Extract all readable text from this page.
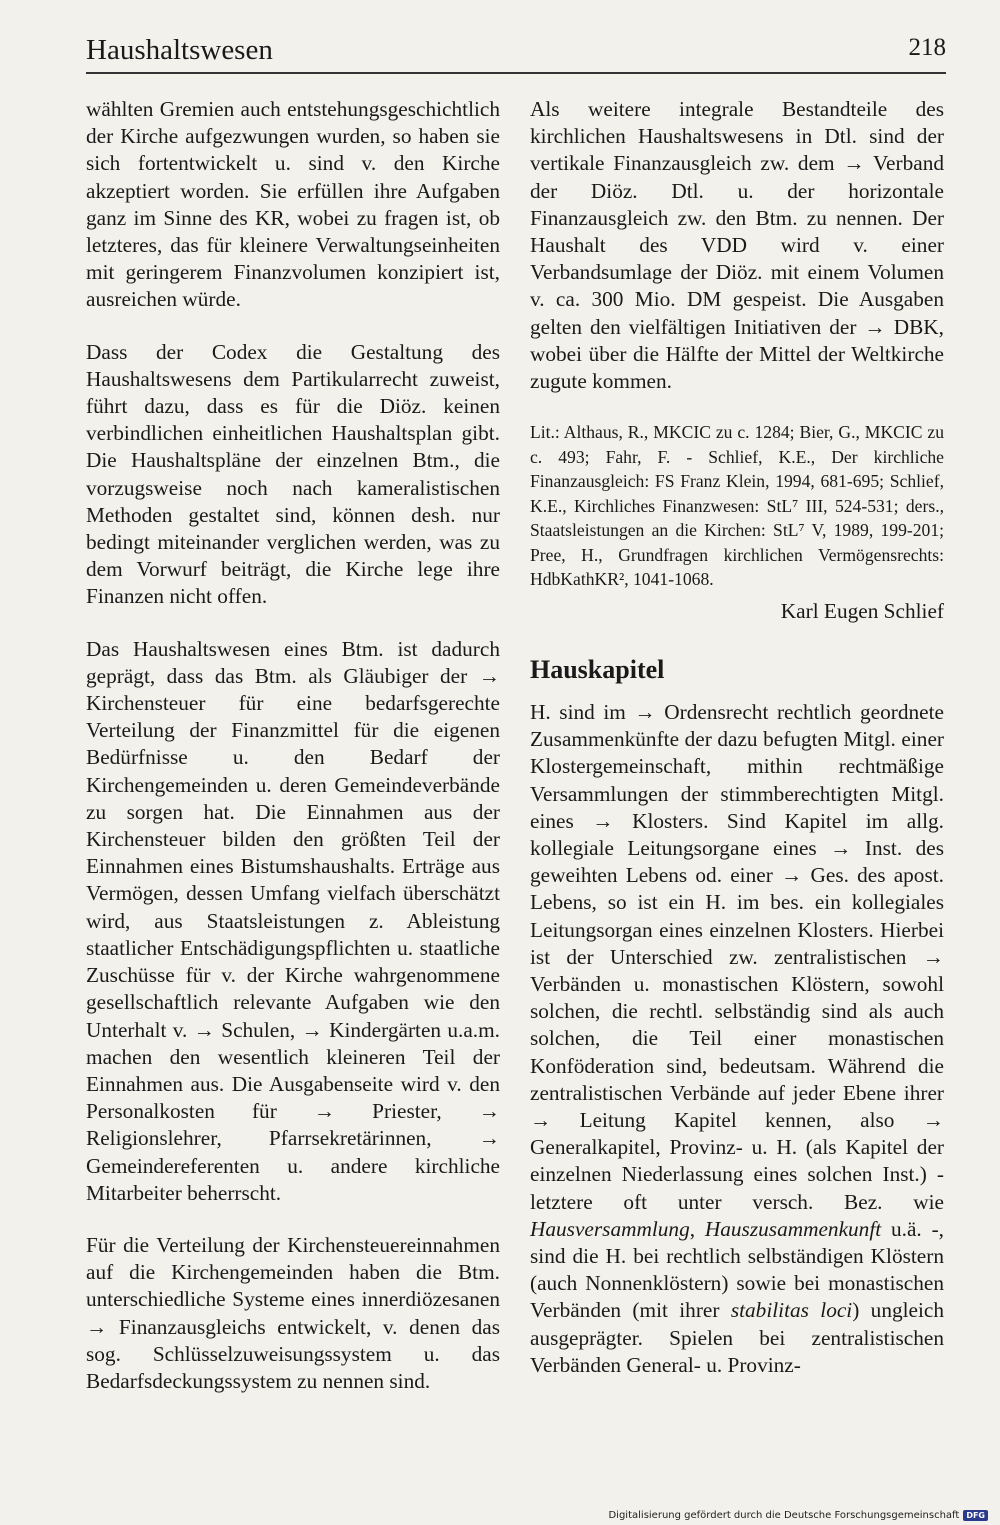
Haushaltswesen	218

wählten Gremien auch entstehungsgeschichtlich der Kirche aufgezwungen wurden, so haben sie sich fortentwickelt u. sind v. den Kirche akzeptiert worden. Sie erfüllen ihre Aufgaben ganz im Sinne des KR, wobei zu fragen ist, ob letzteres, das für kleinere Verwaltungseinheiten mit geringerem Finanzvolumen konzipiert ist, ausreichen würde.

Dass der Codex die Gestaltung des Haushaltswesens dem Partikularrecht zuweist, führt dazu, dass es für die Diöz. keinen verbindlichen einheitlichen Haushaltsplan gibt. Die Haushaltspläne der einzelnen Btm., die vorzugsweise noch nach kameralistischen Methoden gestaltet sind, können desh. nur bedingt miteinander verglichen werden, was zu dem Vorwurf beiträgt, die Kirche lege ihre Finanzen nicht offen.

Das Haushaltswesen eines Btm. ist dadurch geprägt, dass das Btm. als Gläubiger der → Kirchensteuer für eine bedarfsgerechte Verteilung der Finanzmittel für die eigenen Bedürfnisse u. den Bedarf der Kirchengemeinden u. deren Gemeindeverbände zu sorgen hat. Die Einnahmen aus der Kirchensteuer bilden den größten Teil der Einnahmen eines Bistumshaushalts. Erträge aus Vermögen, dessen Umfang vielfach überschätzt wird, aus Staatsleistungen z. Ableistung staatlicher Entschädigungspflichten u. staatliche Zuschüsse für v. der Kirche wahrgenommene gesellschaftlich relevante Aufgaben wie den Unterhalt v. → Schulen, → Kindergärten u.a.m. machen den wesentlich kleineren Teil der Einnahmen aus. Die Ausgabenseite wird v. den Personalkosten für → Priester, → Religionslehrer, Pfarrsekretärinnen, → Gemeindereferenten u. andere kirchliche Mitarbeiter beherrscht.

Für die Verteilung der Kirchensteuereinnahmen auf die Kirchengemeinden haben die Btm. unterschiedliche Systeme eines innerdiözesanen → Finanzausgleichs entwickelt, v. denen das sog. Schlüsselzuweisungssystem u. das Bedarfsdeckungssystem zu nennen sind.

Als weitere integrale Bestandteile des kirchlichen Haushaltswesens in Dtl. sind der vertikale Finanzausgleich zw. dem → Verband der Diöz. Dtl. u. der horizontale Finanzausgleich zw. den Btm. zu nennen. Der Haushalt des VDD wird v. einer Verbandsumlage der Diöz. mit einem Volumen v. ca. 300 Mio. DM gespeist. Die Ausgaben gelten den vielfältigen Initiativen der → DBK, wobei über die Hälfte der Mittel der Weltkirche zugute kommen.

Lit.: Althaus, R., MKCIC zu c. 1284; Bier, G., MKCIC zu c. 493; Fahr, F. - Schlief, K.E., Der kirchliche Finanzausgleich: FS Franz Klein, 1994, 681-695; Schlief, K.E., Kirchliches Finanzwesen: StL⁷ III, 524-531; ders., Staatsleistungen an die Kirchen: StL⁷ V, 1989, 199-201; Pree, H., Grundfragen kirchlichen Vermögensrechts: HdbKathKR², 1041-1068.

Karl Eugen Schlief

Hauskapitel

H. sind im → Ordensrecht rechtlich geordnete Zusammenkünfte der dazu befugten Mitgl. einer Klostergemeinschaft, mithin rechtmäßige Versammlungen der stimmberechtigten Mitgl. eines → Klosters. Sind Kapitel im allg. kollegiale Leitungsorgane eines → Inst. des geweihten Lebens od. einer → Ges. des apost. Lebens, so ist ein H. im bes. ein kollegiales Leitungsorgan eines einzelnen Klosters. Hierbei ist der Unterschied zw. zentralistischen → Verbänden u. monastischen Klöstern, sowohl solchen, die rechtl. selbständig sind als auch solchen, die Teil einer monastischen Konföderation sind, bedeutsam. Während die zentralistischen Verbände auf jeder Ebene ihrer → Leitung Kapitel kennen, also → Generalkapitel, Provinz- u. H. (als Kapitel der einzelnen Niederlassung eines solchen Inst.) - letztere oft unter versch. Bez. wie Hausversammlung, Hauszusammenkunft u.ä. -, sind die H. bei rechtlich selbständigen Klöstern (auch Nonnenklöstern) sowie bei monastischen Verbänden (mit ihrer stabilitas loci) ungleich ausgeprägter. Spielen bei zentralistischen Verbänden General- u. Provinz-

Digitalisierung gefördert durch die Deutsche Forschungsgemeinschaft DFG
